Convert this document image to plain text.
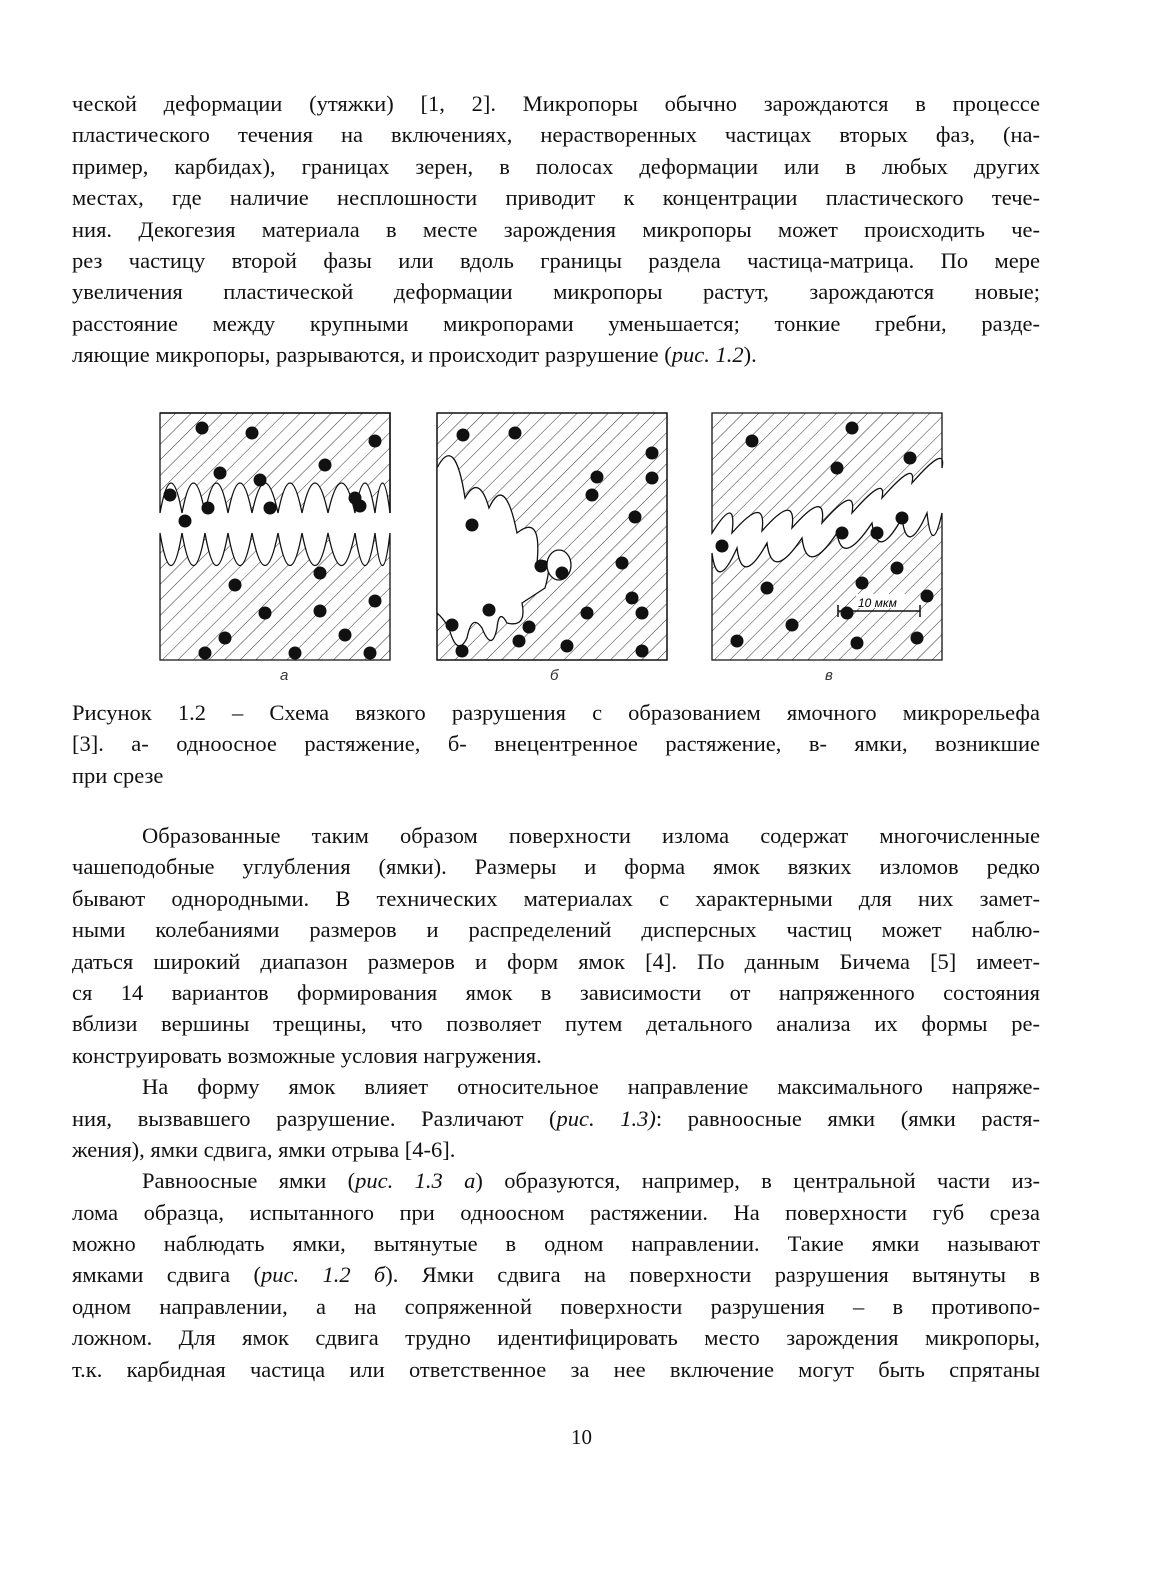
ческой деформации (утяжки) [1, 2]. Микропоры обычно зарождаются в процессе
пластического течения на включениях, нерастворенных частицах вторых фаз, (на-
пример, карбидах), границах зерен, в полосах деформации или в любых других
местах, где наличие несплошности приводит к концентрации пластического тече-
ния. Декогезия материала в месте зарождения микропоры может происходить че-
рез частицу второй фазы или вдоль границы раздела частица-матрица. По мере
увеличения пластической деформации микропоры растут, зарождаются новые;
расстояние между крупными микропорами уменьшается; тонкие гребни, разде-
ляющие микропоры, разрываются, и происходит разрушение (рис. 1.2).
а	б	в
10 мкм
Рисунок 1.2 – Схема вязкого разрушения с образованием ямочного микрорельефа
[3]. а- одноосное растяжение, б- внецентренное растяжение, в- ямки, возникшие
при срезе
Образованные таким образом поверхности излома содержат многочисленные
чашеподобные углубления (ямки). Размеры и форма ямок вязких изломов редко
бывают однородными. В технических материалах с характерными для них замет-
ными колебаниями размеров и распределений дисперсных частиц может наблю-
даться широкий диапазон размеров и форм ямок [4]. По данным Бичема [5] имеет-
ся 14 вариантов формирования ямок в зависимости от напряженного состояния
вблизи вершины трещины, что позволяет путем детального анализа их формы ре-
конструировать возможные условия нагружения.
На форму ямок влияет относительное направление максимального напряже-
ния, вызвавшего разрушение. Различают (рис. 1.3): равноосные ямки (ямки растя-
жения), ямки сдвига, ямки отрыва [4-6].
Равноосные ямки (рис. 1.3 а) образуются, например, в центральной части из-
лома образца, испытанного при одноосном растяжении. На поверхности губ среза
можно наблюдать ямки, вытянутые в одном направлении. Такие ямки называют
ямками сдвига (рис. 1.2 б). Ямки сдвига на поверхности разрушения вытянуты в
одном направлении, а на сопряженной поверхности разрушения – в противопо-
ложном. Для ямок сдвига трудно идентифицировать место зарождения микропоры,
т.к. карбидная частица или ответственное за нее включение могут быть спрятаны
10
